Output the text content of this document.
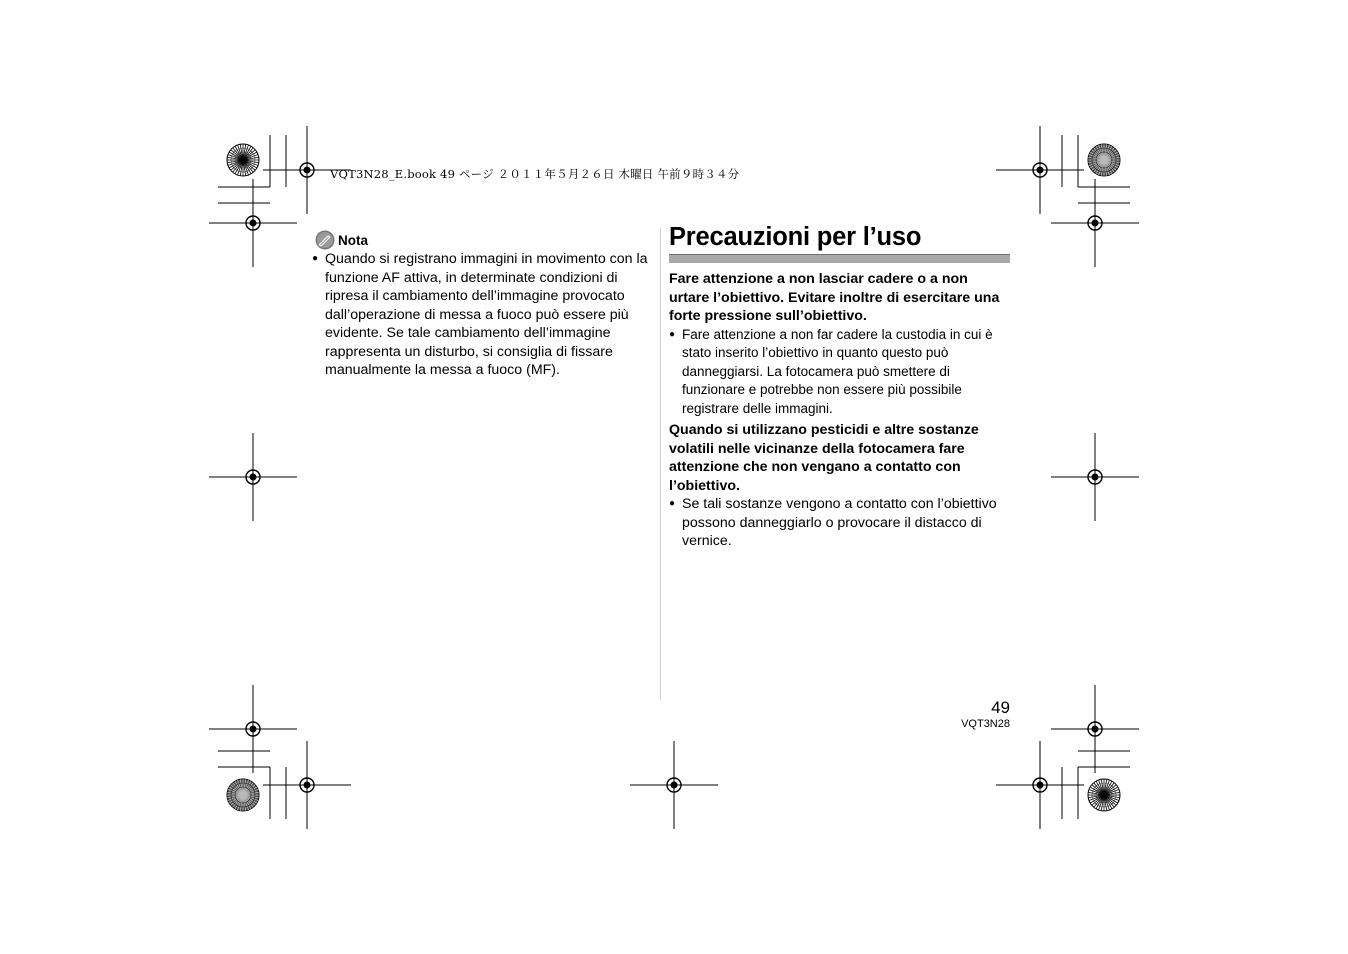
VQT3N28_E.book 49 ページ ２０１１年５月２６日 木曜日 午前９時３４分
Nota
● Quando si registrano immagini in movimento con la funzione AF attiva, in determinate condizioni di ripresa il cambiamento dell’immagine provocato dall’operazione di messa a fuoco può essere più evidente. Se tale cambiamento dell’immagine rappresenta un disturbo, si consiglia di fissare manualmente la messa a fuoco (MF).
Precauzioni per l’uso
Fare attenzione a non lasciar cadere o a non urtare l’obiettivo. Evitare inoltre di esercitare una forte pressione sull’obiettivo.
● Fare attenzione a non far cadere la custodia in cui è stato inserito l’obiettivo in quanto questo può danneggiarsi. La fotocamera può smettere di funzionare e potrebbe non essere più possibile registrare delle immagini.
Quando si utilizzano pesticidi e altre sostanze volatili nelle vicinanze della fotocamera fare attenzione che non vengano a contatto con l’obiettivo.
● Se tali sostanze vengono a contatto con l’obiettivo possono danneggiarlo o provocare il distacco di vernice.
49
VQT3N28
